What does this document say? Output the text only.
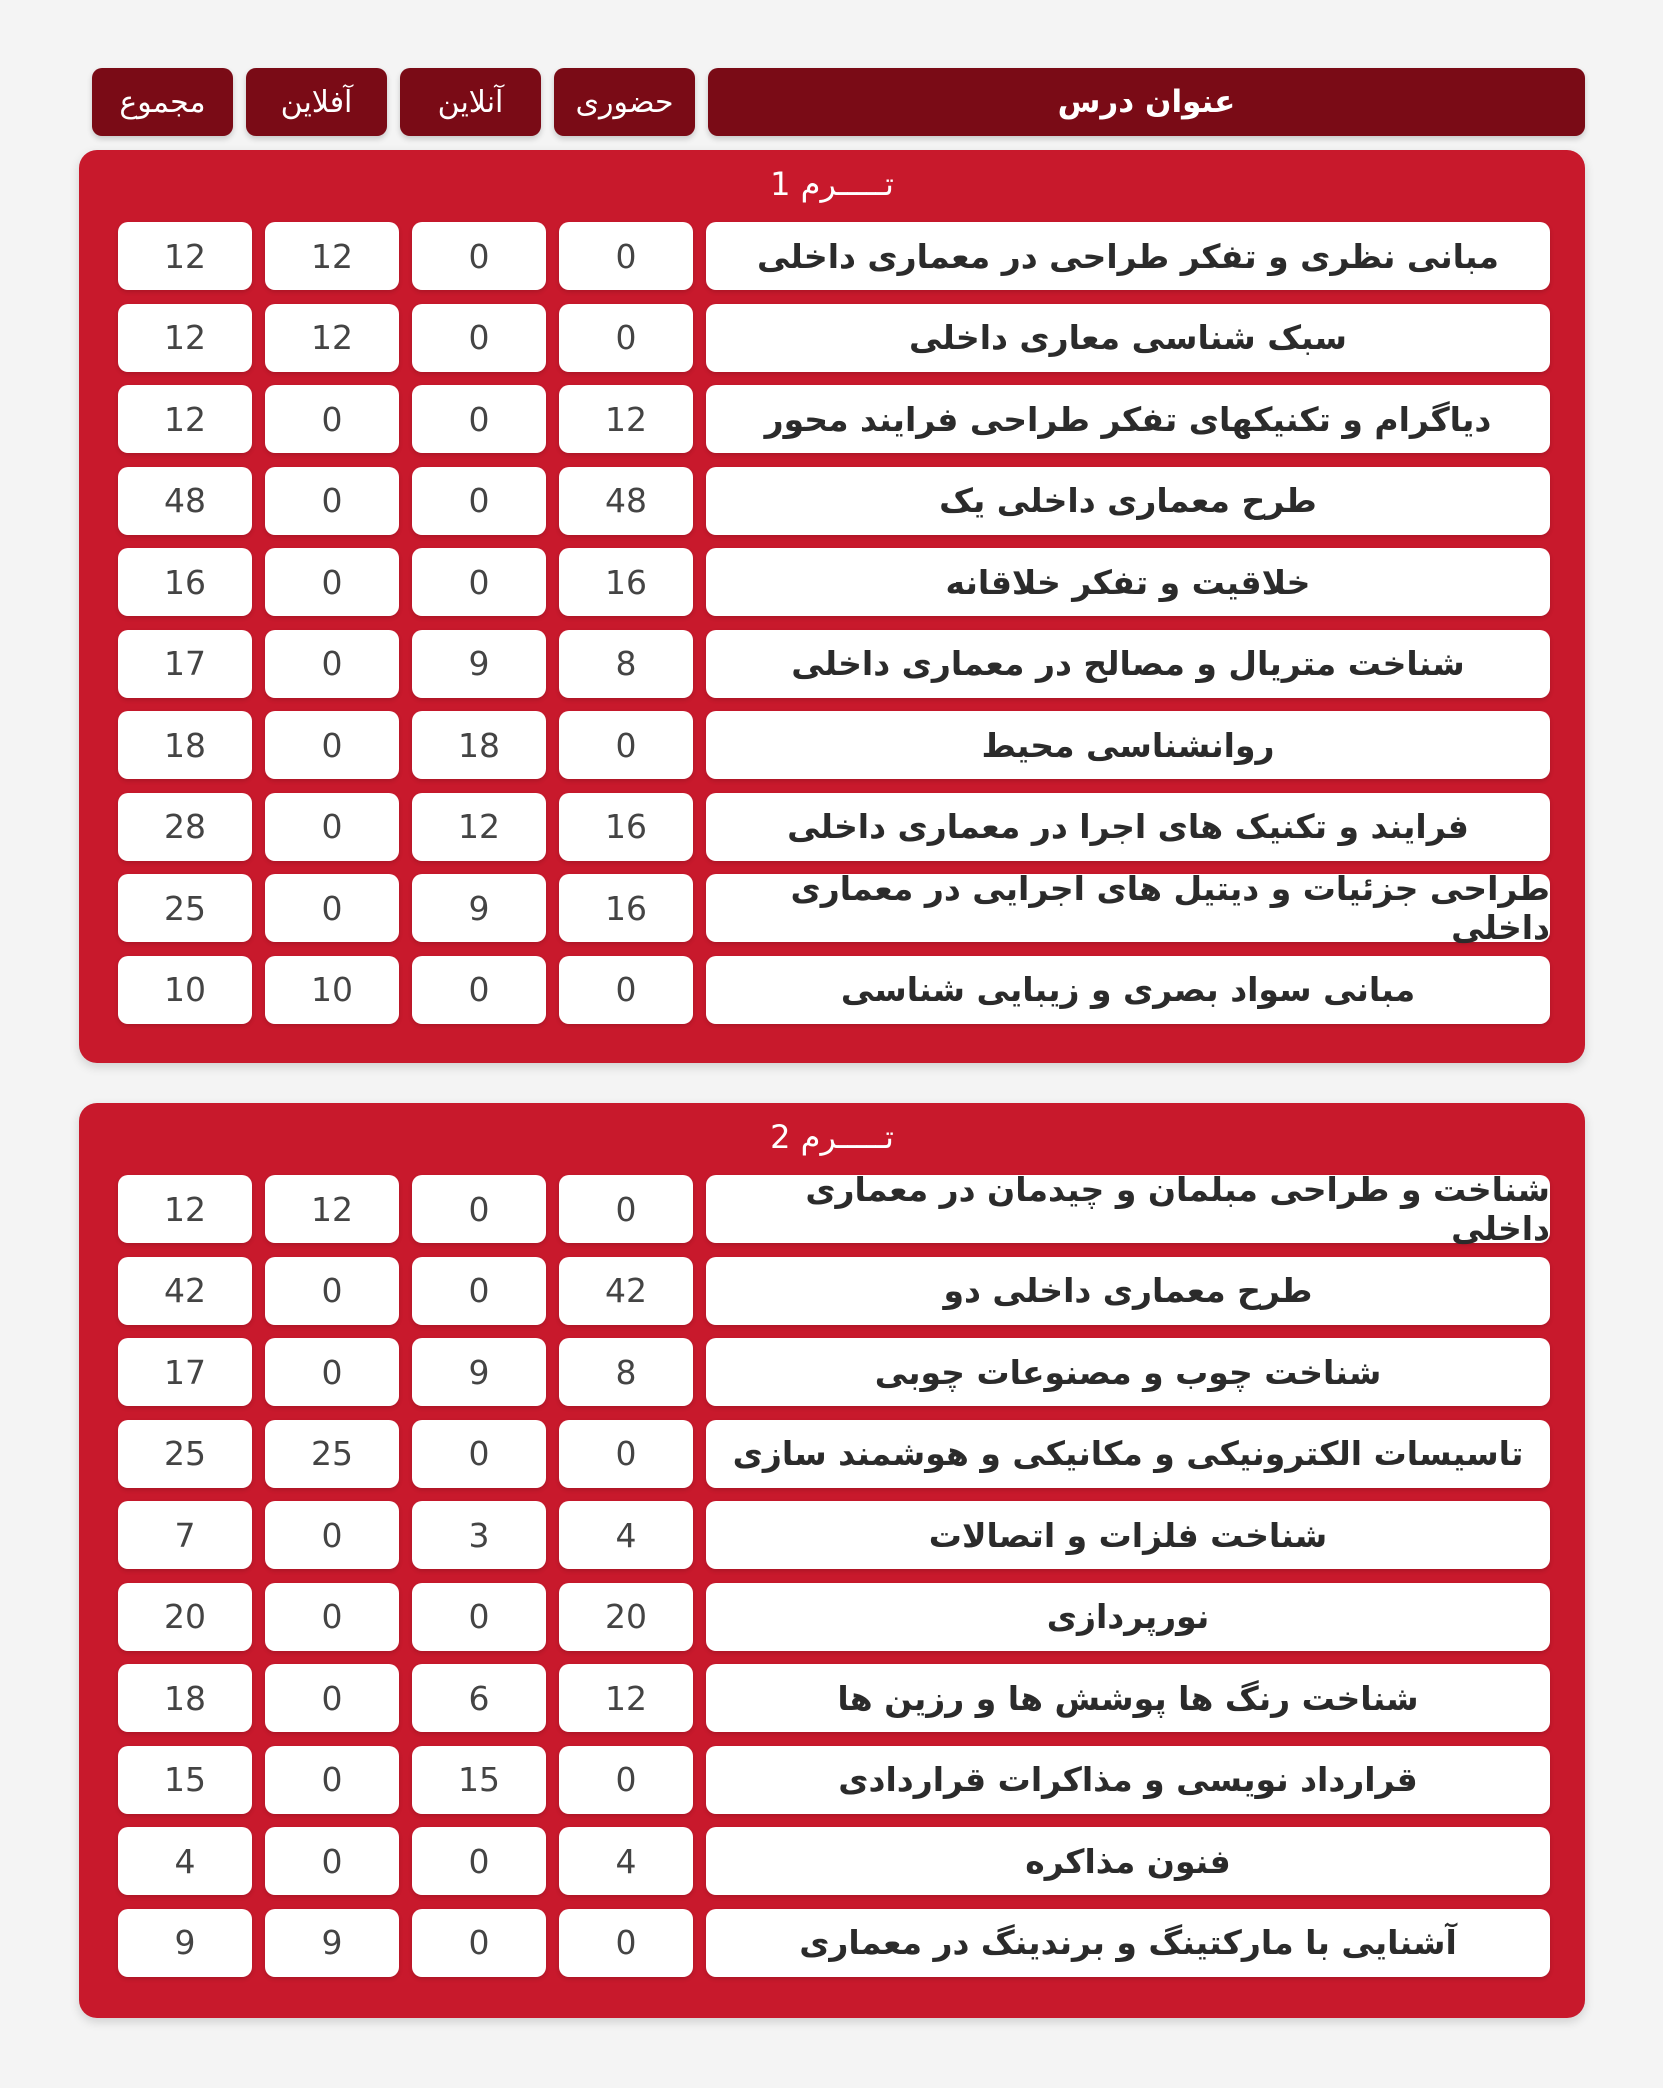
عنوان درس
حضوری
آنلاین
آفلاین
مجموع
تـــــرم 1
مبانی نظری و تفکر طراحی در معماری داخلی
0
0
12
12
سبک شناسی معاری داخلی
0
0
12
12
دیاگرام و تکنیکهای تفکر طراحی فرایند محور
12
0
0
12
طرح معماری داخلی یک
48
0
0
48
خلاقیت و تفکر خلاقانه
16
0
0
16
شناخت متریال و مصالح در معماری داخلی
8
9
0
17
روانشناسی محیط
0
18
0
18
فرایند و تکنیک های اجرا در معماری داخلی
16
12
0
28
طراحی جزئیات و دیتیل های اجرایی در معماری داخلی
16
9
0
25
مبانی سواد بصری و زیبایی شناسی
0
0
10
10
تـــــرم 2
شناخت و طراحی مبلمان و چیدمان در معماری داخلی
0
0
12
12
طرح معماری داخلی دو
42
0
0
42
شناخت چوب و مصنوعات چوبی
8
9
0
17
تاسیسات الکترونیکی و مکانیکی و هوشمند سازی
0
0
25
25
شناخت فلزات و اتصالات
4
3
0
7
نورپردازی
20
0
0
20
شناخت رنگ ها پوشش ها و رزین ها
12
6
0
18
قرارداد نویسی و مذاکرات قراردادی
0
15
0
15
فنون مذاکره
4
0
0
4
آشنایی با مارکتینگ و برندینگ در معماری
0
0
9
9
